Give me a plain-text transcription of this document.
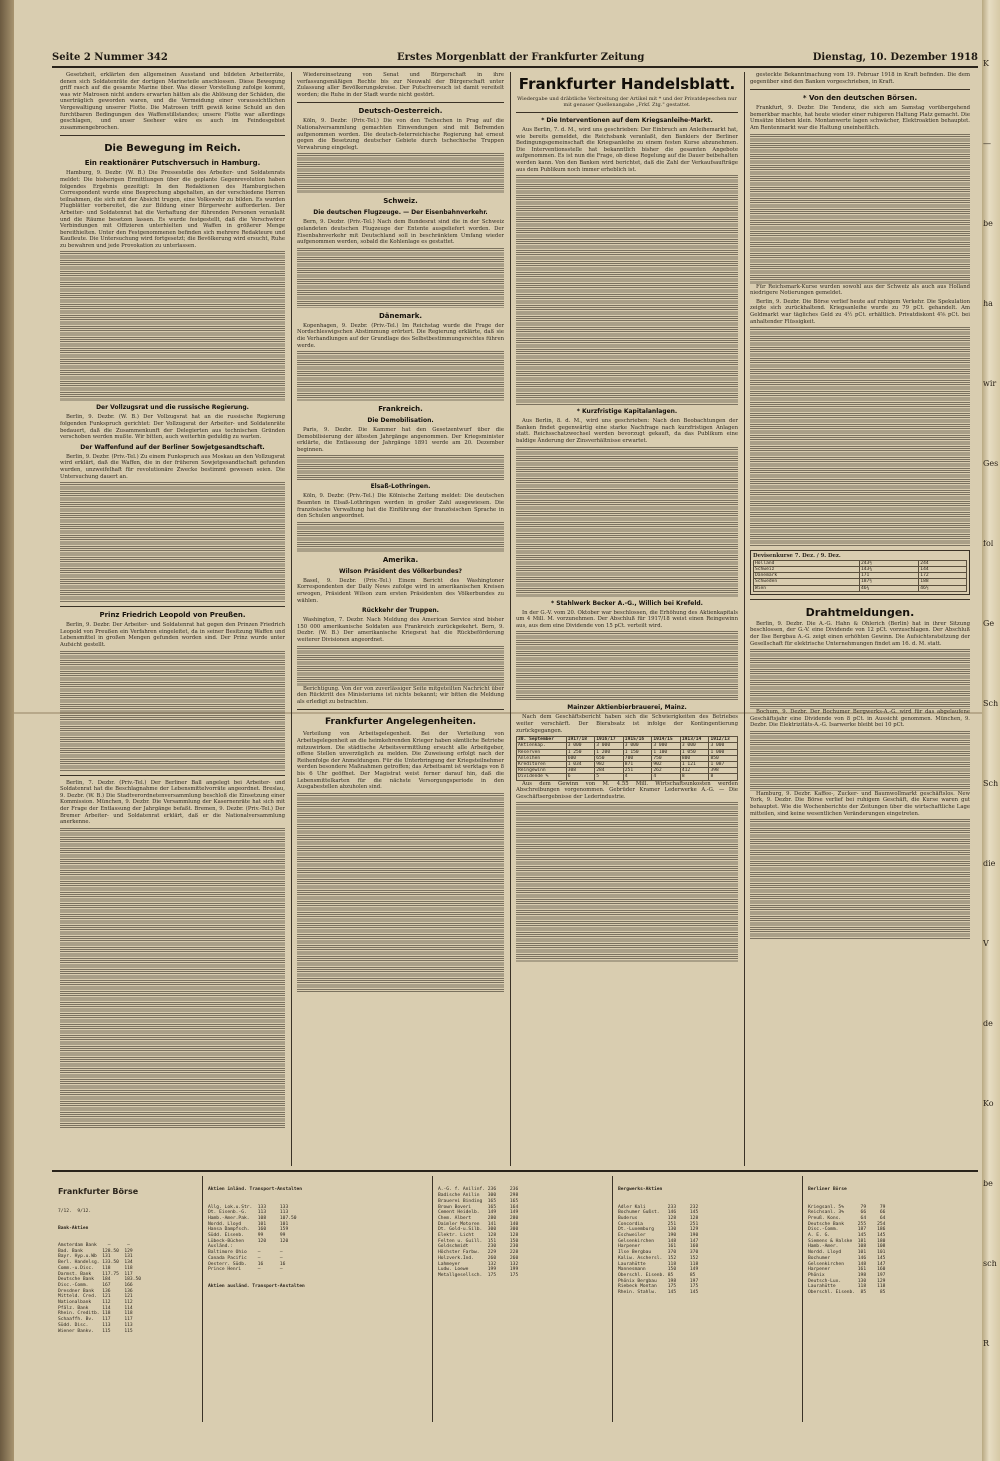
Seite 2 Nummer 342	Erstes Morgenblatt der Frankfurter Zeitung	Dienstag, 10. Dezember 1918

Gesetzheit, erklärten den allgemeinen Ausstand und bildeten Arbeiterräte, denen sich Soldatenräte der dortigen Marineteile anschlossen. Diese Bewegung griff rasch auf die gesamte Marine über. Was dieser Vorstellung zufolge kommt, was wir Matrosen nicht anders erwarten hätten als die Ablösung der Schäden, die unerträglich geworden waren, und die Vermeidung einer voraussichtlichen Vergewaltigung unserer Flotte. Die Matrosen trifft gewiß keine Schuld an den furchtbaren Bedingungen des Waffenstillstandes; unsere Flotte war allerdings geschlagen, und unser Seeheer wäre es auch im Feindesgebiet zusammengebrochen.

Die Bewegung im Reich.
Ein reaktionärer Putschversuch in Hamburg.

Hamburg, 9. Dezbr. (W. B.) Die Pressestelle des Arbeiter- und Soldatenrats meldet: Die bisherigen Ermittlungen über die geplante Gegenrevolution haben folgendes Ergebnis gezeitigt: In den Redaktionen des Hamburgischen Correspondent wurde eine Besprechung abgehalten, an der verschiedene Herren teilnahmen, die sich mit der Absicht trugen, eine Volkswehr zu bilden. Es wurden Flugblätter vorbereitet, die zur Bildung einer Bürgerwehr aufforderten. Der Arbeiter- und Soldatenrat hat die Verhaftung der führenden Personen veranlaßt und die Räume besetzen lassen. Es wurde festgestellt, daß die Verschwörer Verbindungen mit Offizieren unterhielten und Waffen in größerer Menge bereithielten. Unter den Festgenommenen befinden sich mehrere Redakteure und Kaufleute. Die Untersuchung wird fortgesetzt; die Bevölkerung wird ersucht, Ruhe zu bewahren und jede Provokation zu unterlassen.

Der Vollzugsrat und die russische Regierung.

Berlin, 9. Dezbr. (W. B.) Der Vollzugsrat hat an die russische Regierung folgenden Funkspruch gerichtet: Der Vollzugsrat der Arbeiter- und Soldatenräte bedauert, daß die Zusammenkunft der Delegierten aus technischen Gründen verschoben werden mußte. Wir bitten, auch weiterhin geduldig zu warten.

Der Waffenfund auf der Berliner Sowjetgesandtschaft.

Berlin, 9. Dezbr. (Priv.-Tel.) Zu einem Funkspruch aus Moskau an den Vollzugsrat wird erklärt, daß die Waffen, die in der früheren Sowjetgesandtschaft gefunden wurden, unzweifelhaft für revolutionäre Zwecke bestimmt gewesen seien. Die Untersuchung dauert an.

Prinz Friedrich Leopold von Preußen.

Berlin, 9. Dezbr. Der Arbeiter- und Soldatenrat hat gegen den Prinzen Friedrich Leopold von Preußen ein Verfahren eingeleitet, da in seiner Besitzung Waffen und Lebensmittel in großen Mengen gefunden worden sind. Der Prinz wurde unter Aufsicht gestellt.

Berlin, 7. Dezbr. (Priv.-Tel.) Der Berliner Ball angelegt bei Arbeiter- und Soldatenrat hat die Beschlagnahme der Lebensmittelvorräte angeordnet. Breslau, 9. Dezbr. (W. B.) Die Stadtverordnetenversammlung beschloß die Einsetzung einer Kommission. München, 9. Dezbr. Die Versammlung der Kasernenräte hat sich mit der Frage der Entlassung der Jahrgänge befaßt. Bremen, 9. Dezbr. (Priv.-Tel.) Der Bremer Arbeiter- und Soldatenrat erklärt, daß er die Nationalversammlung anerkenne.

Wiedereinsetzung von Senat und Bürgerschaft in ihre verfassungsmäßigen Rechte bis zur Neuwahl der Bürgerschaft unter Zulassung aller Bevölkerungskreise. Der Putschversuch ist damit vereitelt worden; die Ruhe in der Stadt wurde nicht gestört.

Deutsch-Oesterreich.

Köln, 9. Dezbr. (Priv.-Tel.) Die von den Tschechen in Prag auf die Nationalversammlung gemachten Einwendungen sind mit Befremden aufgenommen worden. Die deutsch-österreichische Regierung hat erneut gegen die Besetzung deutscher Gebiete durch tschechische Truppen Verwahrung eingelegt.

Schweiz.
Die deutschen Flugzeuge. — Der Eisenbahnverkehr.

Bern, 9. Dezbr. (Priv.-Tel.) Nach dem Bundesrat sind die in der Schweiz gelandeten deutschen Flugzeuge der Entente ausgeliefert worden. Der Eisenbahnverkehr mit Deutschland soll in beschränktem Umfang wieder aufgenommen werden, sobald die Kohlenlage es gestattet.

Dänemark.

Kopenhagen, 9. Dezbr. (Priv.-Tel.) Im Reichstag wurde die Frage der Nordschleswigschen Abstimmung erörtert. Die Regierung erklärte, daß sie die Verhandlungen auf der Grundlage des Selbstbestimmungsrechtes führen werde.

Frankreich.
Die Demobilisation.

Paris, 9. Dezbr. Die Kammer hat den Gesetzentwurf über die Demobilisierung der ältesten Jahrgänge angenommen. Der Kriegsminister erklärte, die Entlassung der Jahrgänge 1891 werde am 20. Dezember beginnen.

Elsaß-Lothringen.

Köln, 9. Dezbr. (Priv.-Tel.) Die Kölnische Zeitung meldet: Die deutschen Beamten in Elsaß-Lothringen werden in großer Zahl ausgewiesen. Die französische Verwaltung hat die Einführung der französischen Sprache in den Schulen angeordnet.

Amerika.
Wilson Präsident des Völkerbundes?

Basel, 9. Dezbr. (Priv.-Tel.) Einem Bericht des Washingtoner Korrespondenten der Daily News zufolge wird in amerikanischen Kreisen erwogen, Präsident Wilson zum ersten Präsidenten des Völkerbundes zu wählen.

Rückkehr der Truppen.

Washington, 7. Dezbr. Nach Meldung des American Service sind bisher 150 000 amerikanische Soldaten aus Frankreich zurückgekehrt. Bern, 9. Dezbr. (W. B.) Der amerikanische Kriegsrat hat die Rückbeförderung weiterer Divisionen angeordnet.

Berichtigung. Von der von zuverlässiger Seite mitgeteilten Nachricht über den Rücktritt des Ministeriums ist nichts bekannt; wir bitten die Meldung als erledigt zu betrachten.

Frankfurter Angelegenheiten.

Verteilung von Arbeitsgelegenheit. Bei der Verteilung von Arbeitsgelegenheit an die heimkehrenden Krieger haben sämtliche Betriebe mitzuwirken. Die städtische Arbeitsvermittlung ersucht alle Arbeitgeber, offene Stellen unverzüglich zu melden. Die Zuweisung erfolgt nach der Reihenfolge der Anmeldungen. Für die Unterbringung der Kriegsteilnehmer werden besondere Maßnahmen getroffen; das Arbeitsamt ist werktags von 8 bis 6 Uhr geöffnet. Der Magistrat weist ferner darauf hin, daß die Lebensmittelkarten für die nächste Versorgungsperiode in den Ausgabestellen abzuholen sind.

Frankfurter Handelsblatt.
Wiedergabe und dräbtliche Verbreitung der Artikel mit * und der Privatdepeschen nur mit genauer Quellenangabe „Frkf. Ztg." gestattet.
* Die Interventionen auf dem Kriegsanleihe-Markt.

Aus Berlin, 7. d. M., wird uns geschrieben: Der Einbruch am Anleihemarkt hat, wie bereits gemeldet, die Reichsbank veranlaßt, den Bankiers der Berliner Bedingungsgemeinschaft die Kriegsanleihe zu einem festen Kurse abzunehmen. Die Interventionsstelle hat bekanntlich bisher die gesamten Angebote aufgenommen. Es ist nun die Frage, ob diese Regelung auf die Dauer beibehalten werden kann. Von den Banken wird berichtet, daß die Zahl der Verkaufsaufträge aus dem Publikum noch immer erheblich ist.

* Kurzfristige Kapitalanlagen.

Aus Berlin, 8. d. M., wird uns geschrieben: Nach den Beobachtungen der Banken findet gegenwärtig eine starke Nachfrage nach kurzfristigen Anlagen statt. Reichsschatzwechsel werden bevorzugt gekauft, da das Publikum eine baldige Änderung der Zinsverhältnisse erwartet.

* Stahlwerk Becker A.-G., Willich bei Krefeld.

In der G.-V. vom 20. Oktober war beschlossen, die Erhöhung des Aktienkapitals um 4 Mill. M. vorzunehmen. Der Abschluß für 1917/18 weist einen Reingewinn aus, aus dem eine Dividende von 15 pCt. verteilt wird.

Mainzer Aktienbierbrauerei, Mainz.

Nach dem Geschäftsbericht haben sich die Schwierigkeiten des Betriebes weiter verschärft. Der Bierabsatz ist infolge der Kontingentierung zurückgegangen.

30. September	1917/18	1916/17	1915/16	1914/15	1913/14	1912/13
Aktienkap.	3 000	3 000	3 000	3 000	3 000	3 000
Reserven	1 250	1 200	1 150	1 100	1 050	1 000
Anleihen	600	650	700	750	800	850
Kreditoren	1 034	982	871	902	1 121	1 087
Reingewinn	308	284	251	262	412	398
Dividende %	6	5	4	4	8	8

Aus dem Gewinn von M. 4.55 Mill. Wirtschaftsunkosten werden Abschreibungen vorgenommen. Gebrüder Kramer Lederwerke A.-G. — Die Geschäftsergebnisse der Lederindustrie.

gesteckte Bekanntmachung vom 19. Februar 1918 in Kraft befinden. Die dem gegenüber sind den Banken vorgeschrieben, in Kraft.

* Von den deutschen Börsen.

Frankfurt, 9. Dezbr. Die Tendenz, die sich am Samstag vorübergehend bemerkbar machte, hat heute wieder einer ruhigeren Haltung Platz gemacht. Die Umsätze blieben klein. Montanwerte lagen schwächer, Elektroaktien behauptet. Am Rentenmarkt war die Haltung uneinheitlich.

Für Reichsmark-Kurse wurden sowohl aus der Schweiz als auch aus Holland niedrigere Notierungen gemeldet.

Berlin, 9. Dezbr. Die Börse verlief heute auf ruhigem Verkehr. Die Spekulation zeigte sich zurückhaltend. Kriegsanleihe wurde zu 79 pCt. gehandelt. Am Geldmarkt war tägliches Geld zu 4½ pCt. erhältlich. Privatdiskont 4⅝ pCt. bei anhaltender Flüssigkeit.

Devisenkurse 7. Dez. / 9. Dez.
Holland	243½	244
Schweiz	143¾	144
Dänemark	171	172
Schweden	187½	188
Wien	46¾	46½
Drahtmeldungen.

Berlin, 9. Dezbr. Die A.-G. Hahn & Ohlerich (Berlin) hat in ihrer Sitzung beschlossen, der G.-V. eine Dividende von 12 pCt. vorzuschlagen. Der Abschluß der Ilse Bergbau A.-G. zeigt einen erhöhten Gewinn. Die Aufsichtsratsitzung der Gesellschaft für elektrische Unternehmungen findet am 16. d. M. statt.

Bochum, 9. Dezbr. Der Bochumer Bergwerks-A.-G. wird für das abgelaufene Geschäftsjahr eine Dividende von 8 pCt. in Aussicht genommen. München, 9. Dezbr. Die Elektrizitäts-A.-G. Isarwerke bleibt bei 10 pCt.

Hamburg, 9. Dezbr. Kaffee-, Zucker- und Baumwollmarkt geschäftslos. New York, 9. Dezbr. Die Börse verlief bei ruhigem Geschäft, die Kurse waren gut behauptet. Wie die Wochenberichte der Zeitungen über die wirtschaftliche Lage mitteilen, sind keine wesentlichen Veränderungen eingetreten.

Frankfurter Börse

7/12.  9/12.

Bank-Aktien

Amsterdam Bank    —      —
Bad. Bank       128.50  129
Bayr. Hyp.u.Wb  131     131
Berl. Handelsg. 133.50  134
Comm.-u.Disc.   118     118
Darmst. Bank    117.75  117
Deutsche Bank   184     183.50
Disc.-Comm.     167     166
Dresdner Bank   136     136
Mitteld. Cred.  121     121
Nationalbank    112     112
Pfälz. Bank     114     114
Rhein. Creditb. 118     118
Schaaffh. Bv.   117     117
Südd. Disc.     113     113
Wiener Bankv.   115     115

Aktien inländ. Transport-Anstalten

Allg. Lok.u.Str.  133     133
Dt. Eisenb.-G.    113     113
Hamb.-Amer.Pak.   108     107.50
Nordd. Lloyd      101     101
Hansa Dampfsch.   160     159
Südd. Eisenb.     99      99
Lübeck-Büchen     120     120
Ausländ.:
Baltimore Ohio    —       —
Canada Pacific    —       —
Oesterr. Südb.    16      16
Prince Henri      —       —

Aktien ausländ. Transport-Anstalten

A.-G. f. Anilinf. 236     236
Badische Anilin   300     298
Brauerei Binding  165     165
Brown Boveri      165     164
Cement Heidelb.   149     149
Chem. Albert      280     280
Daimler Motoren   141     140
Dt. Gold-u.Silb.  300     300
Elektr. Licht     128     128
Felten u. Guill.  151     150
Goldschmidt       230     230
Höchster Farbw.   229     228
Holzverk.Ind.     260     260
Lahmeyer          132     132
Ludw. Loewe       199     199
Metallgesellsch.  175     175

Bergwerks-Aktien

Adler Kali        233     232
Bochumer Gußst.   146     145
Buderus           128     128
Concordia         251     251
Dt.-Luxemburg     130     129
Eschweiler        190     190
Gelsenkirchen     148     147
Harpener          161     160
Ilse Bergbau      370     370
Kaliw. Aschersl.  152     152
Laurahütte        118     118
Mannesmann        150     149
Oberschl. Eisenb. 85      85
Phönix Bergbau    198     197
Riebeck Montan    175     175
Rhein. Stahlw.    145     145

Berliner Börse

Kriegsanl. 5%      79     79
Reichsanl. 3%      66     66
Preuß. Kons.       64     64
Deutsche Bank     255    254
Disc.-Comm.       187    186
A. E. G.          145    145
Siemens & Halske  181    180
Hamb.-Amer.       108    108
Nordd. Lloyd      101    101
Bochumer          146    145
Gelsenkirchen     148    147
Harpener          161    160
Phönix            198    197
Deutsch-Lux.      130    129
Laurahütte        118    118
Oberschl. Eisenb.  85     85

K
—
be
ha
wir
Ges
fol
Ge
Sch
Sch
die
V
de
Ko
be
sch
R
